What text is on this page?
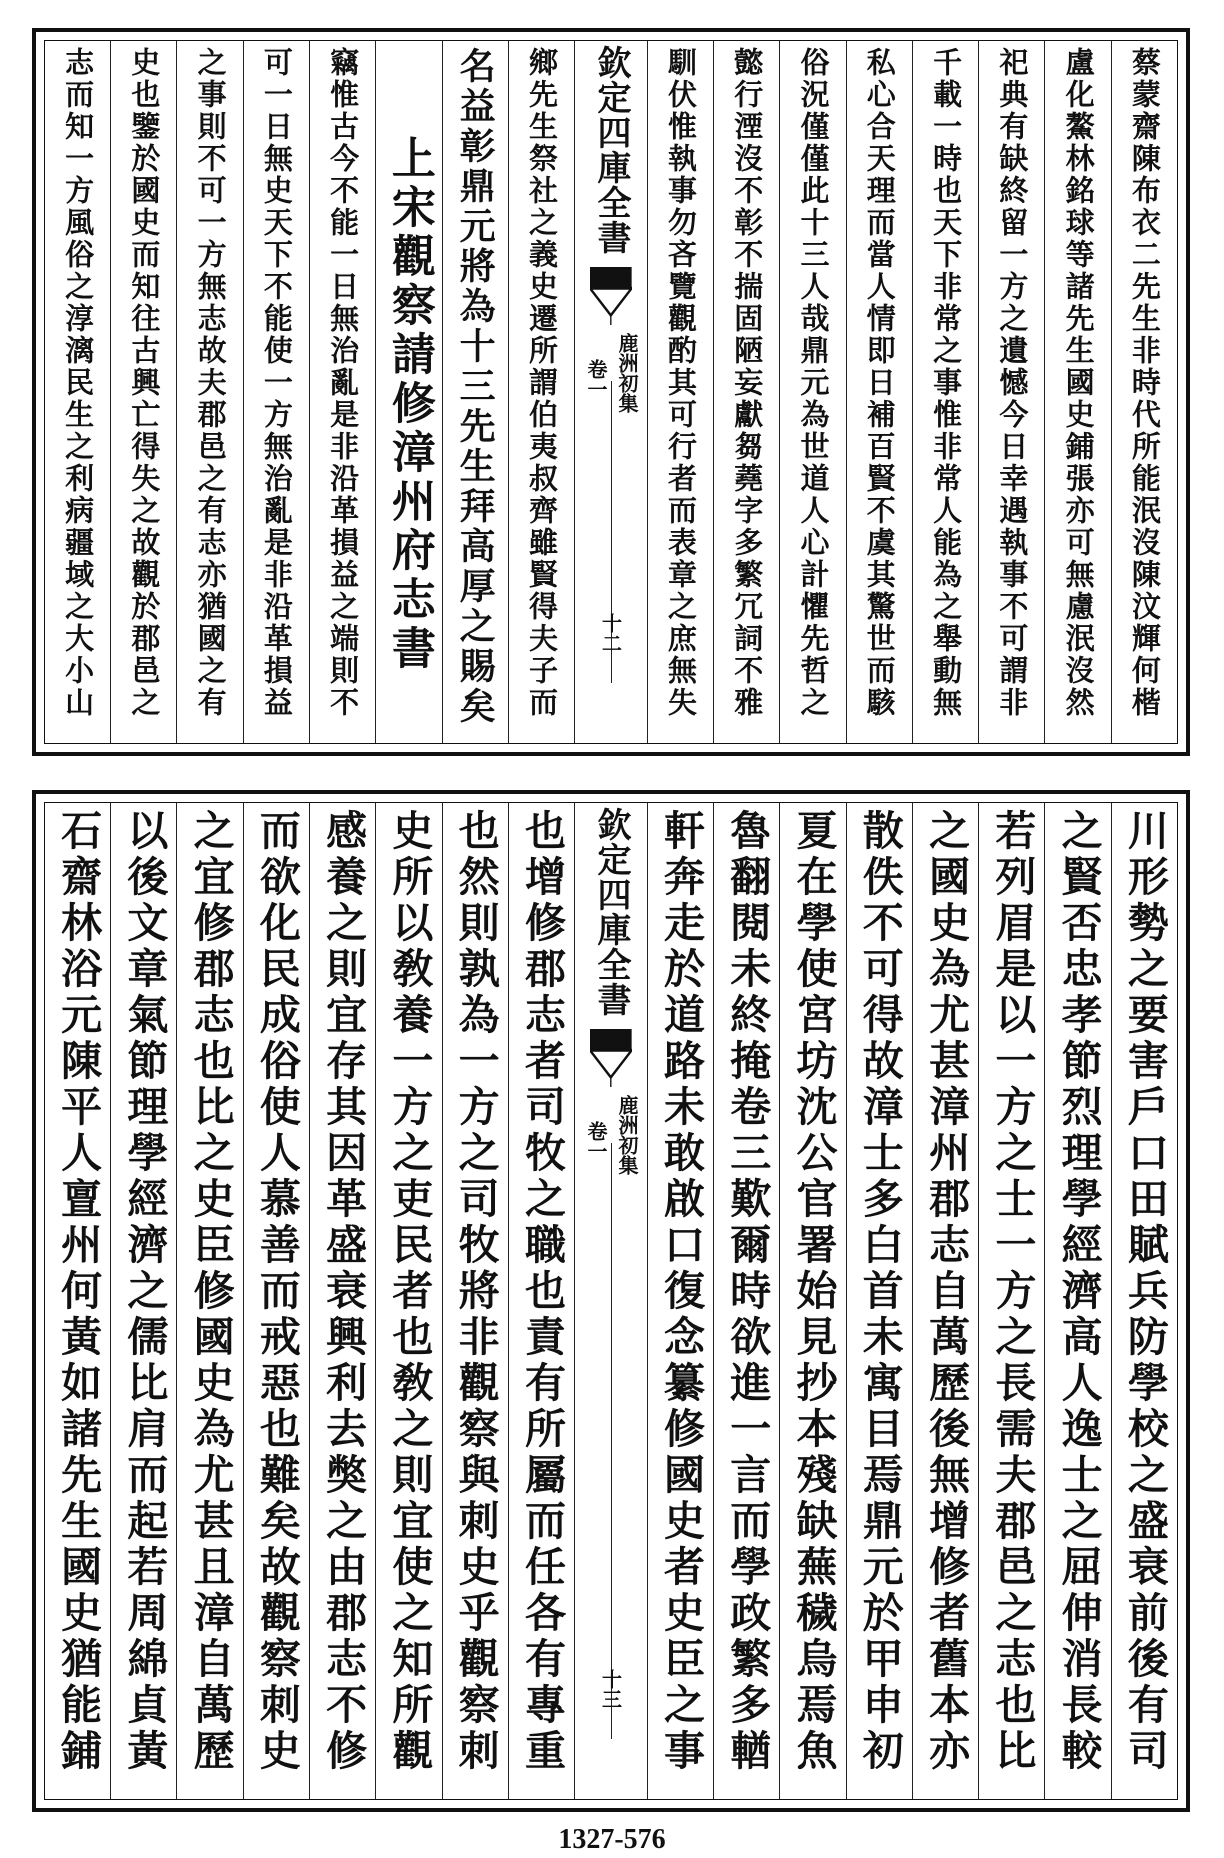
蔡蒙齋陳布衣二先生非時代所能泯沒陳汶輝何楷
盧化鰲林銘球等諸先生國史鋪張亦可無慮泯沒然
祀典有缺終留一方之遺憾今日幸遇執事不可謂非
千載一時也天下非常之事惟非常人能為之舉動無
私心合天理而當人情即日補百賢不虞其驚世而駭
俗況僅僅此十三人哉鼎元為世道人心計懼先哲之
懿行湮沒不彰不揣固陋妄獻芻蕘字多繁冗詞不雅
馴伏惟執事勿吝覽觀酌其可行者而表章之庶無失
欽定四庫全書
鹿洲初集
卷一
十二
鄉先生祭社之義史遷所謂伯夷叔齊雖賢得夫子而
名益彰鼎元將為十三先生拜高厚之賜矣
上宋觀察請修漳州府志書
竊惟古今不能一日無治亂是非沿革損益之端則不
可一日無史天下不能使一方無治亂是非沿革損益
之事則不可一方無志故夫郡邑之有志亦猶國之有
史也鑒於國史而知往古興亡得失之故觀於郡邑之
志而知一方風俗之淳漓民生之利病疆域之大小山
川形勢之要害戶口田賦兵防學校之盛衰前後有司
之賢否忠孝節烈理學經濟高人逸士之屈伸消長較
若列眉是以一方之士一方之長需夫郡邑之志也比
之國史為尤甚漳州郡志自萬歷後無增修者舊本亦
散佚不可得故漳士多白首未寓目焉鼎元於甲申初
夏在學使宮坊沈公官署始見抄本殘缺蕪穢烏焉魚
魯翻閱未終掩卷三歎爾時欲進一言而學政繁多輶
軒奔走於道路未敢啟口復念纂修國史者史臣之事
欽定四庫全書
鹿洲初集
卷一
十三
也增修郡志者司牧之職也責有所屬而任各有專重
也然則孰為一方之司牧將非觀察與刺史乎觀察刺
史所以敎養一方之吏民者也敎之則宜使之知所觀
感養之則宜存其因革盛衰興利去獘之由郡志不修
而欲化民成俗使人慕善而戒惡也難矣故觀察刺史
之宜修郡志也比之史臣修國史為尤甚且漳自萬歷
以後文章氣節理學經濟之儒比肩而起若周綿貞黃
石齋林浴元陳平人亶州何黃如諸先生國史猶能鋪
1327-576
